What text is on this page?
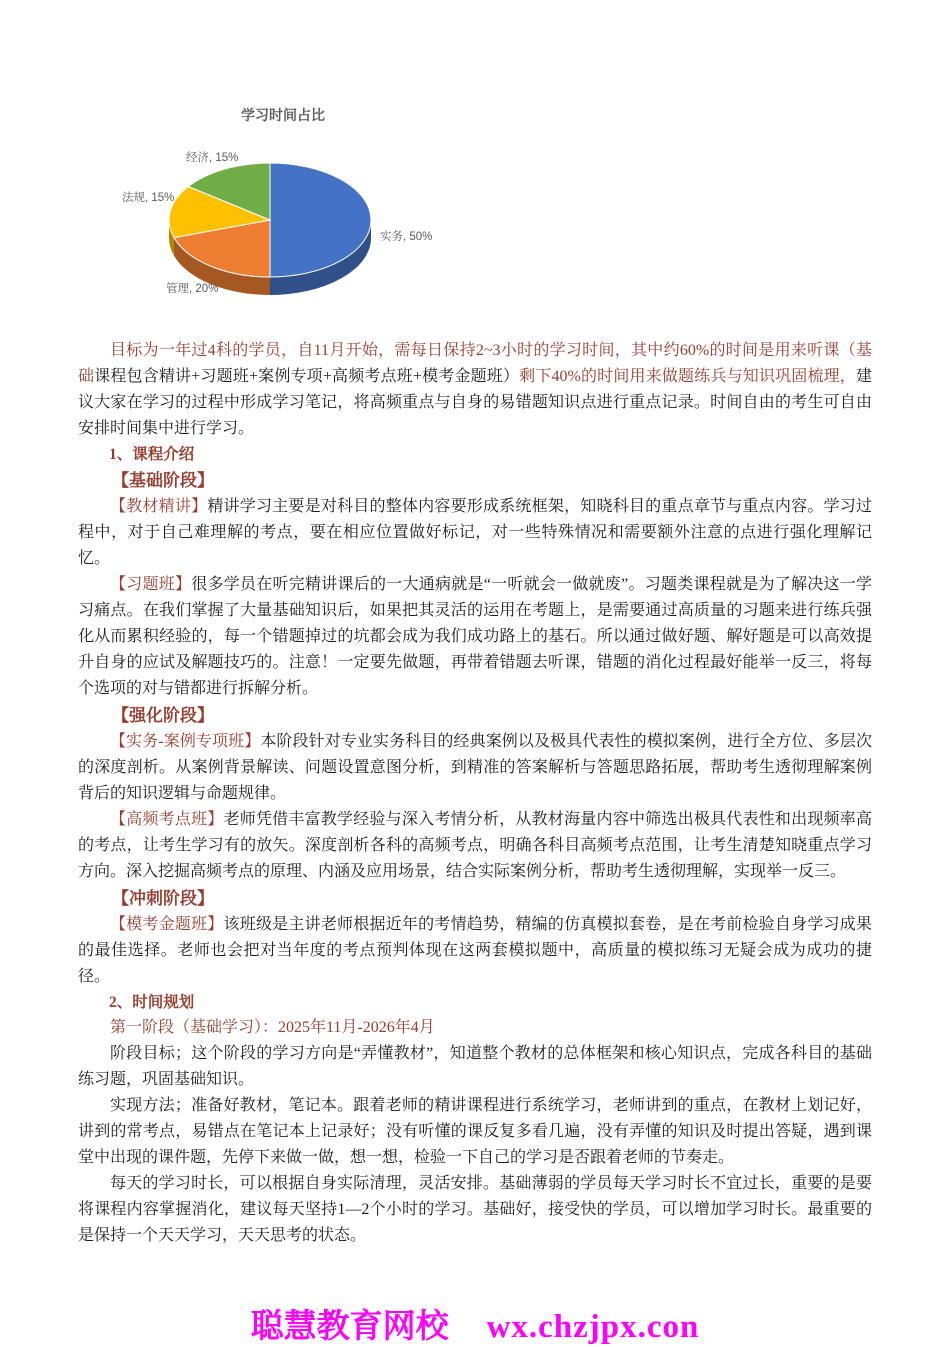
学习时间占比
实务, 50%
管理, 20%
法规, 15%
经济, 15%

目标为一年过4科的学员，自11月开始，需每日保持2~3小时的学习时间，其中约60%的时间是用来听课（基础课程包含精讲+习题班+案例专项+高频考点班+模考金题班）剩下40%的时间用来做题练兵与知识巩固梳理，建议大家在学习的过程中形成学习笔记，将高频重点与自身的易错题知识点进行重点记录。时间自由的考生可自由安排时间集中进行学习。

1、课程介绍

【基础阶段】

【教材精讲】精讲学习主要是对科目的整体内容要形成系统框架，知晓科目的重点章节与重点内容。学习过程中，对于自己难理解的考点，要在相应位置做好标记，对一些特殊情况和需要额外注意的点进行强化理解记忆。

【习题班】很多学员在听完精讲课后的一大通病就是“一听就会一做就废”。习题类课程就是为了解决这一学习痛点。在我们掌握了大量基础知识后，如果把其灵活的运用在考题上，是需要通过高质量的习题来进行练兵强化从而累积经验的，每一个错题掉过的坑都会成为我们成功路上的基石。所以通过做好题、解好题是可以高效提升自身的应试及解题技巧的。注意！一定要先做题，再带着错题去听课，错题的消化过程最好能举一反三，将每个选项的对与错都进行拆解分析。

【强化阶段】

【实务-案例专项班】本阶段针对专业实务科目的经典案例以及极具代表性的模拟案例，进行全方位、多层次的深度剖析。从案例背景解读、问题设置意图分析，到精准的答案解析与答题思路拓展，帮助考生透彻理解案例背后的知识逻辑与命题规律。

【高频考点班】老师凭借丰富教学经验与深入考情分析，从教材海量内容中筛选出极具代表性和出现频率高的考点，让考生学习有的放矢。深度剖析各科的高频考点，明确各科目高频考点范围，让考生清楚知晓重点学习方向。深入挖掘高频考点的原理、内涵及应用场景，结合实际案例分析，帮助考生透彻理解，实现举一反三。

【冲刺阶段】

【模考金题班】该班级是主讲老师根据近年的考情趋势，精编的仿真模拟套卷，是在考前检验自身学习成果的最佳选择。老师也会把对当年度的考点预判体现在这两套模拟题中，高质量的模拟练习无疑会成为成功的捷径。

2、时间规划

第一阶段（基础学习）：2025年11月-2026年4月

阶段目标；这个阶段的学习方向是“弄懂教材”，知道整个教材的总体框架和核心知识点，完成各科目的基础练习题，巩固基础知识。

实现方法；准备好教材，笔记本。跟着老师的精讲课程进行系统学习，老师讲到的重点，在教材上划记好，讲到的常考点，易错点在笔记本上记录好；没有听懂的课反复多看几遍，没有弄懂的知识及时提出答疑，遇到课堂中出现的课件题，先停下来做一做，想一想，检验一下自己的学习是否跟着老师的节奏走。

每天的学习时长，可以根据自身实际清理，灵活安排。基础薄弱的学员每天学习时长不宜过长，重要的是要将课程内容掌握消化，建议每天坚持1—2个小时的学习。基础好，接受快的学员，可以增加学习时长。最重要的是保持一个天天学习，天天思考的状态。

聪慧教育网校 wx.chzjpx.con
